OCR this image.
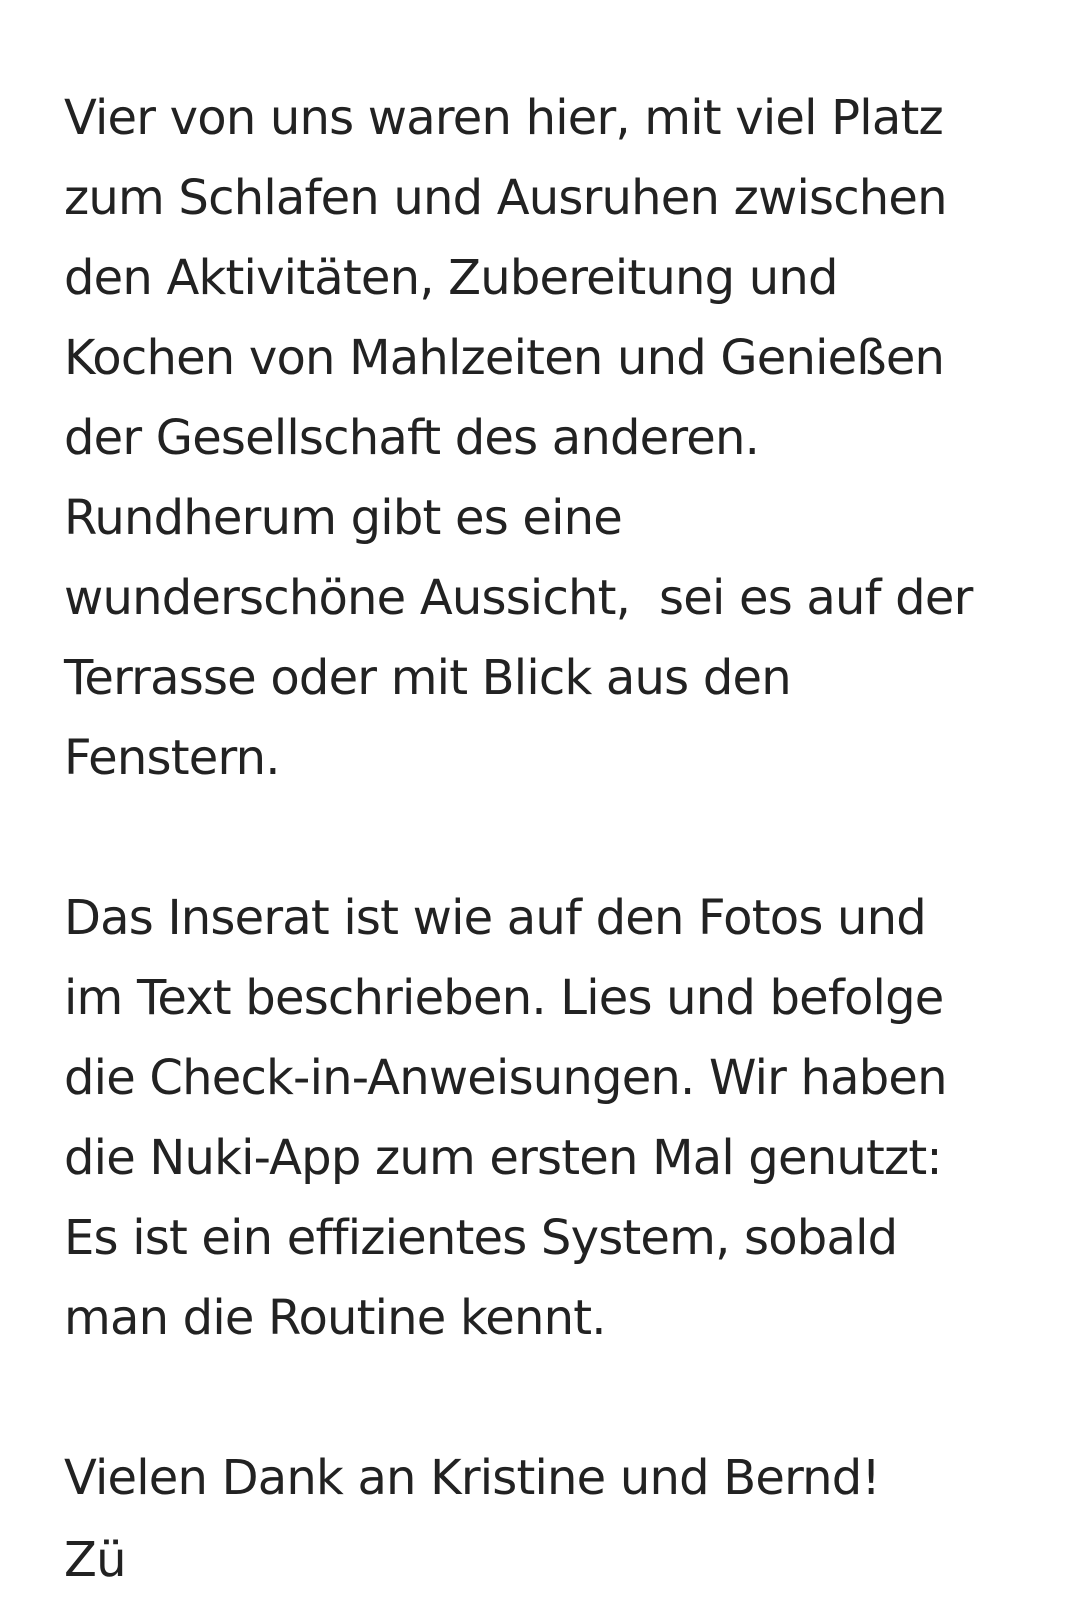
Vier von uns waren hier, mit viel Platz
zum Schlafen und Ausruhen zwischen
den Aktivitäten, Zubereitung und
Kochen von Mahlzeiten und Genießen
der Gesellschaft des anderen.
Rundherum gibt es eine
wunderschöne Aussicht,  sei es auf der
Terrasse oder mit Blick aus den
Fenstern.
Das Inserat ist wie auf den Fotos und
im Text beschrieben. Lies und befolge
die Check-in-Anweisungen. Wir haben
die Nuki-App zum ersten Mal genutzt:
Es ist ein effizientes System, sobald
man die Routine kennt.
Vielen Dank an Kristine und Bernd!
Zü
